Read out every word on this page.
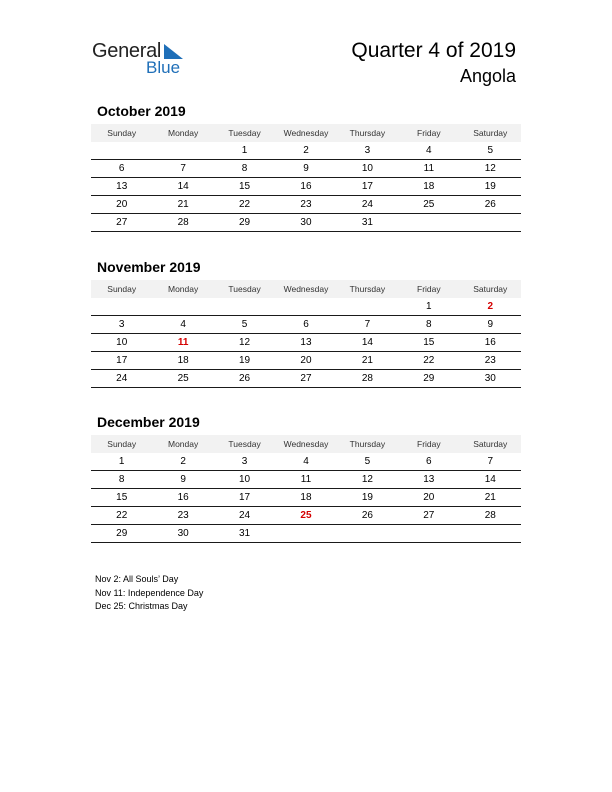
General
Blue
Quarter 4 of 2019
Angola
October 2019
Sunday	Monday	Tuesday	Wednesday	Thursday	Friday	Saturday
		1	2	3	4	5
6	7	8	9	10	11	12
13	14	15	16	17	18	19
20	21	22	23	24	25	26
27	28	29	30	31		
November 2019
Sunday	Monday	Tuesday	Wednesday	Thursday	Friday	Saturday
					1	2
3	4	5	6	7	8	9
10	11	12	13	14	15	16
17	18	19	20	21	22	23
24	25	26	27	28	29	30
December 2019
Sunday	Monday	Tuesday	Wednesday	Thursday	Friday	Saturday
1	2	3	4	5	6	7
8	9	10	11	12	13	14
15	16	17	18	19	20	21
22	23	24	25	26	27	28
29	30	31				
Nov 2: All Souls’ Day
Nov 11: Independence Day
Dec 25: Christmas Day
